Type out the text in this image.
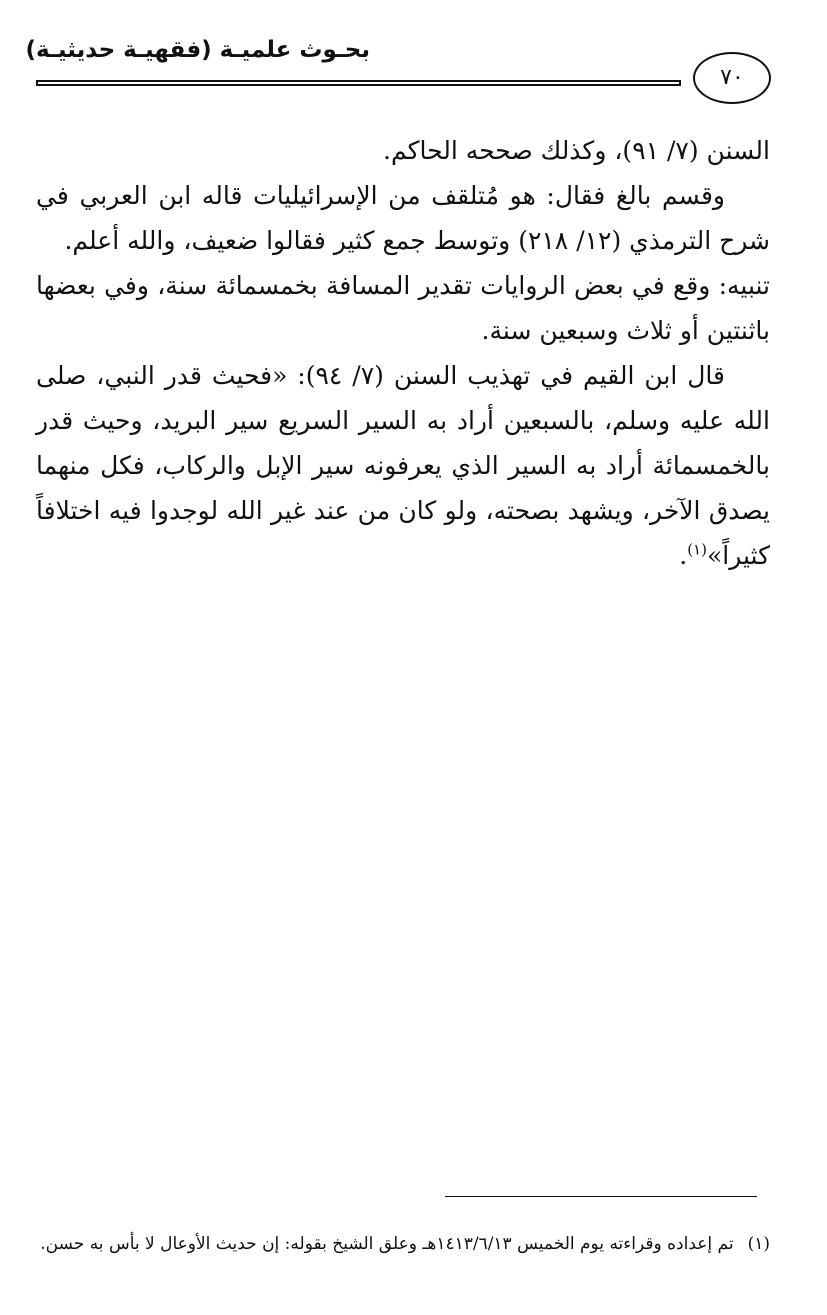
بحـوث علميـة (فقهيـة حديثيـة)
٧٠

السنن (٧/ ٩١)، وكذلك صححه الحاكم.

وقسم بالغ فقال: هو مُتلقف من الإسرائيليات قاله ابن العربي في شرح الترمذي (١٢/ ٢١٨) وتوسط جمع كثير فقالوا ضعيف، والله أعلم.

تنبيه: وقع في بعض الروايات تقدير المسافة بخمسمائة سنة، وفي بعضها باثنتين أو ثلاث وسبعين سنة.

قال ابن القيم في تهذيب السنن (٧/ ٩٤): «فحيث قدر النبي، صلى الله عليه وسلم، بالسبعين أراد به السير السريع سير البريد، وحيث قدر بالخمسمائة أراد به السير الذي يعرفونه سير الإبل والركاب، فكل منهما يصدق الآخر، ويشهد بصحته، ولو كان من عند غير الله لوجدوا فيه اختلافاً كثيراً»$^{(١)}$.

(١)
تم إعداده وقراءته يوم الخميس ١٤١٣/٦/١٣هـ وعلق الشيخ بقوله: إن حديث الأوعال لا بأس به حسن.
